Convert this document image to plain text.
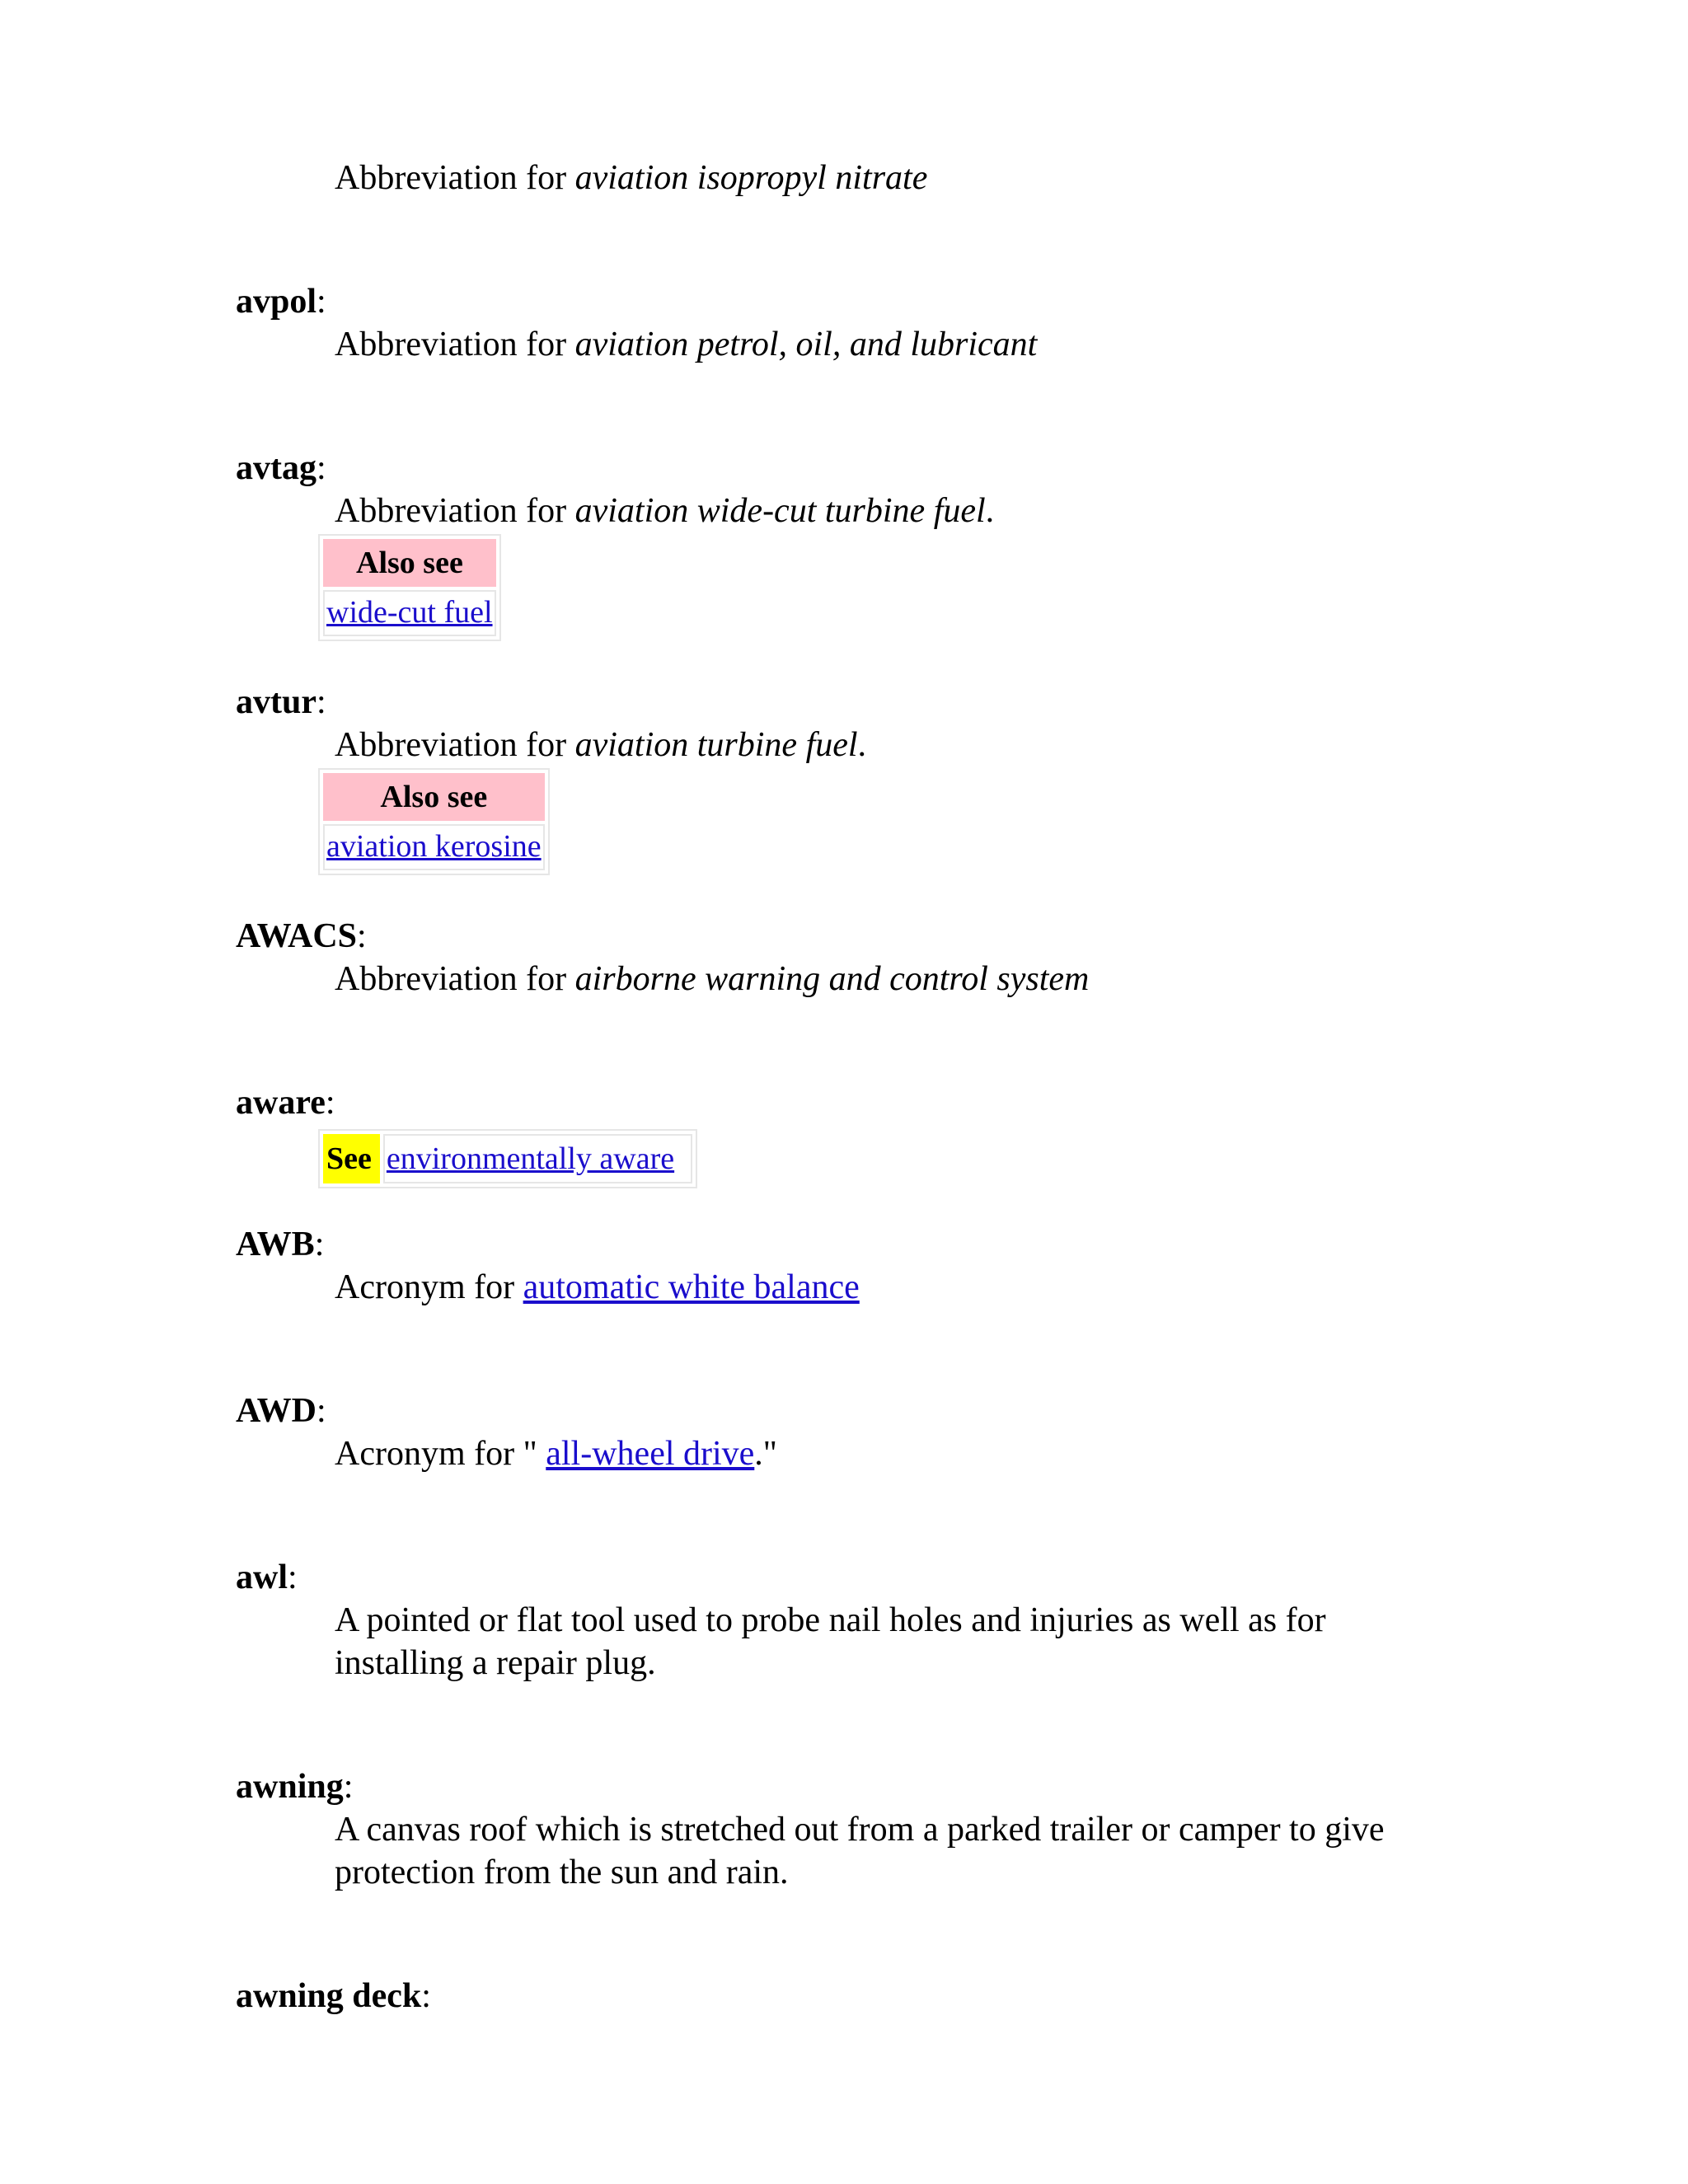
Abbreviation for aviation isopropyl nitrate
avpol:
Abbreviation for aviation petrol, oil, and lubricant
avtag:
Abbreviation for aviation wide-cut turbine fuel.
Also see
wide-cut fuel
avtur:
Abbreviation for aviation turbine fuel.
Also see
aviation kerosine
AWACS:
Abbreviation for airborne warning and control system
aware:
See	environmentally aware
AWB:
Acronym for automatic white balance
AWD:
Acronym for " all-wheel drive."
awl:
A pointed or flat tool used to probe nail holes and injuries as well as for installing a repair plug.
awning:
A canvas roof which is stretched out from a parked trailer or camper to give protection from the sun and rain.
awning deck:
